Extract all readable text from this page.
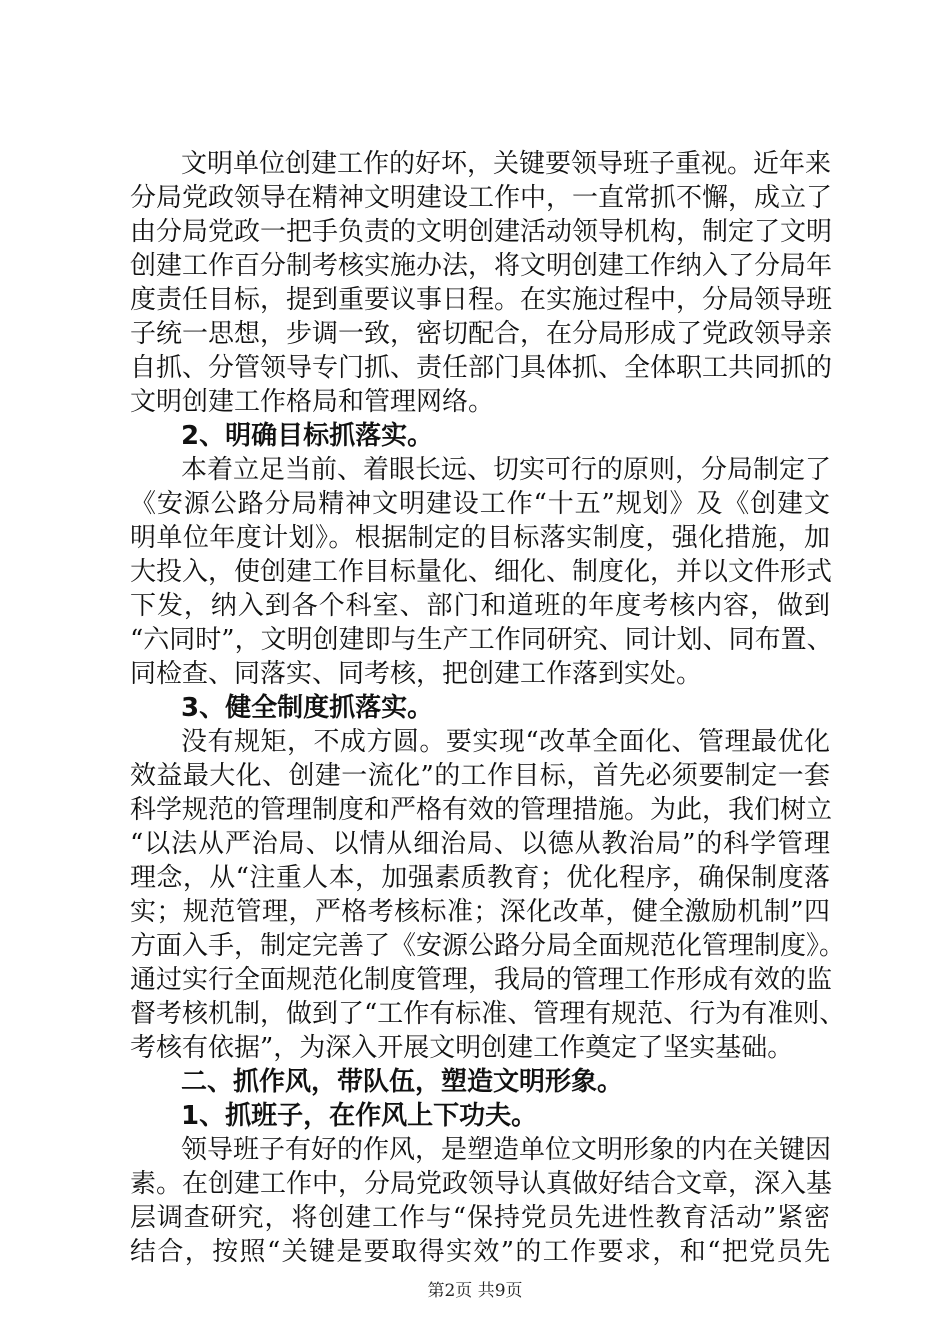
文明单位创建工作的好坏，关键要领导班子重视。近年来
分局党政领导在精神文明建设工作中，一直常抓不懈，成立了
由分局党政一把手负责的文明创建活动领导机构，制定了文明
创建工作百分制考核实施办法，将文明创建工作纳入了分局年
度责任目标，提到重要议事日程。在实施过程中，分局领导班
子统一思想，步调一致，密切配合，在分局形成了党政领导亲
自抓、分管领导专门抓、责任部门具体抓、全体职工共同抓的
文明创建工作格局和管理网络。
2、明确目标抓落实。
本着立足当前、着眼长远、切实可行的原则，分局制定了
《安源公路分局精神文明建设工作“十五”规划》及《创建文
明单位年度计划》。根据制定的目标落实制度，强化措施，加
大投入，使创建工作目标量化、细化、制度化，并以文件形式
下发，纳入到各个科室、部门和道班的年度考核内容，做到
“六同时”，文明创建即与生产工作同研究、同计划、同布置、
同检查、同落实、同考核，把创建工作落到实处。
3、健全制度抓落实。
没有规矩，不成方圆。要实现“改革全面化、管理最优化
效益最大化、创建一流化”的工作目标，首先必须要制定一套
科学规范的管理制度和严格有效的管理措施。为此，我们树立
“以法从严治局、以情从细治局、以德从教治局”的科学管理
理念，从“注重人本，加强素质教育；优化程序，确保制度落
实；规范管理，严格考核标准；深化改革，健全激励机制”四
方面入手，制定完善了《安源公路分局全面规范化管理制度》。
通过实行全面规范化制度管理，我局的管理工作形成有效的监
督考核机制，做到了“工作有标准、管理有规范、行为有准则、
考核有依据”，为深入开展文明创建工作奠定了坚实基础。
二、抓作风，带队伍，塑造文明形象。
1、抓班子，在作风上下功夫。
领导班子有好的作风，是塑造单位文明形象的内在关键因
素。在创建工作中，分局党政领导认真做好结合文章，深入基
层调查研究，将创建工作与“保持党员先进性教育活动”紧密
结合，按照“关键是要取得实效”的工作要求，和“把党员先
第2页 共9页
